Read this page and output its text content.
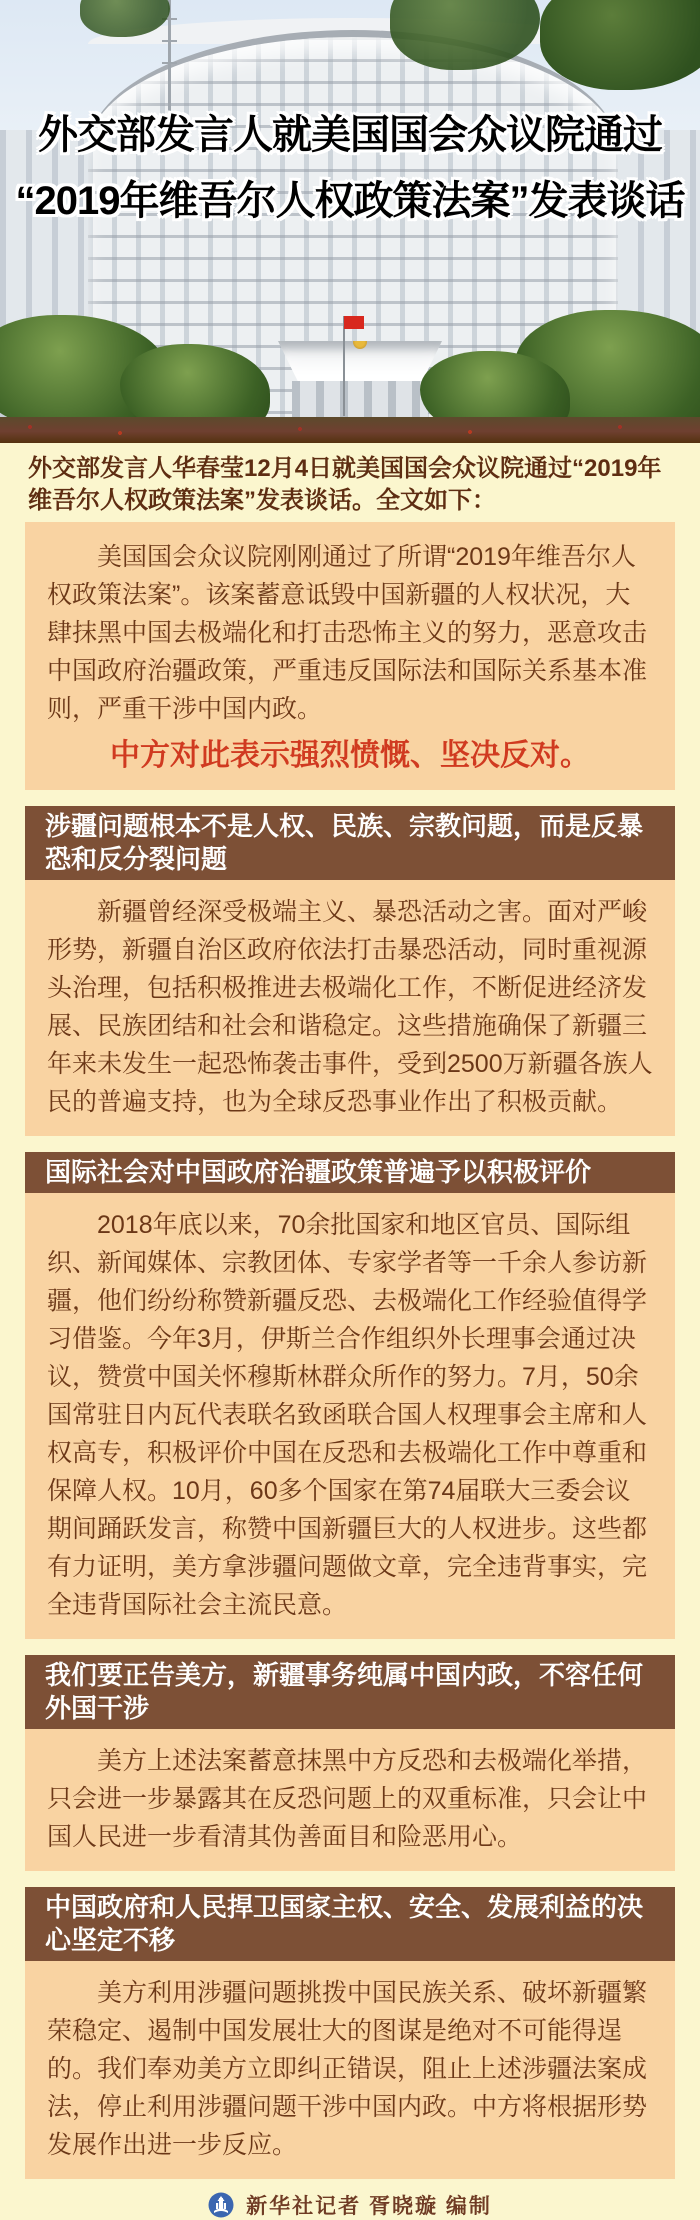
外交部发言人就美国国会众议院通过
“2019年维吾尔人权政策法案”发表谈话
外交部发言人华春莹12月4日就美国国会众议院通过“2019年维吾尔人权政策法案”发表谈话。全文如下：

美国国会众议院刚刚通过了所谓“2019年维吾尔人权政策法案”。该案蓄意诋毁中国新疆的人权状况，大肆抹黑中国去极端化和打击恐怖主义的努力，恶意攻击中国政府治疆政策，严重违反国际法和国际关系基本准则，严重干涉中国内政。

中方对此表示强烈愤慨、坚决反对。
涉疆问题根本不是人权、民族、宗教问题，而是反暴恐和反分裂问题

新疆曾经深受极端主义、暴恐活动之害。面对严峻形势，新疆自治区政府依法打击暴恐活动，同时重视源头治理，包括积极推进去极端化工作，不断促进经济发展、民族团结和社会和谐稳定。这些措施确保了新疆三年来未发生一起恐怖袭击事件，受到2500万新疆各族人民的普遍支持，也为全球反恐事业作出了积极贡献。

国际社会对中国政府治疆政策普遍予以积极评价

2018年底以来，70余批国家和地区官员、国际组织、新闻媒体、宗教团体、专家学者等一千余人参访新疆，他们纷纷称赞新疆反恐、去极端化工作经验值得学习借鉴。今年3月，伊斯兰合作组织外长理事会通过决议，赞赏中国关怀穆斯林群众所作的努力。7月，50余国常驻日内瓦代表联名致函联合国人权理事会主席和人权高专，积极评价中国在反恐和去极端化工作中尊重和保障人权。10月，60多个国家在第74届联大三委会议期间踊跃发言，称赞中国新疆巨大的人权进步。这些都有力证明，美方拿涉疆问题做文章，完全违背事实，完全违背国际社会主流民意。

我们要正告美方，新疆事务纯属中国内政，不容任何外国干涉

美方上述法案蓄意抹黑中方反恐和去极端化举措，只会进一步暴露其在反恐问题上的双重标准，只会让中国人民进一步看清其伪善面目和险恶用心。

中国政府和人民捍卫国家主权、安全、发展利益的决心坚定不移

美方利用涉疆问题挑拨中国民族关系、破坏新疆繁荣稳定、遏制中国发展壮大的图谋是绝对不可能得逞的。我们奉劝美方立即纠正错误，阻止上述涉疆法案成法，停止利用涉疆问题干涉中国内政。中方将根据形势发展作出进一步反应。

新华社记者 胥晓璇 编制
